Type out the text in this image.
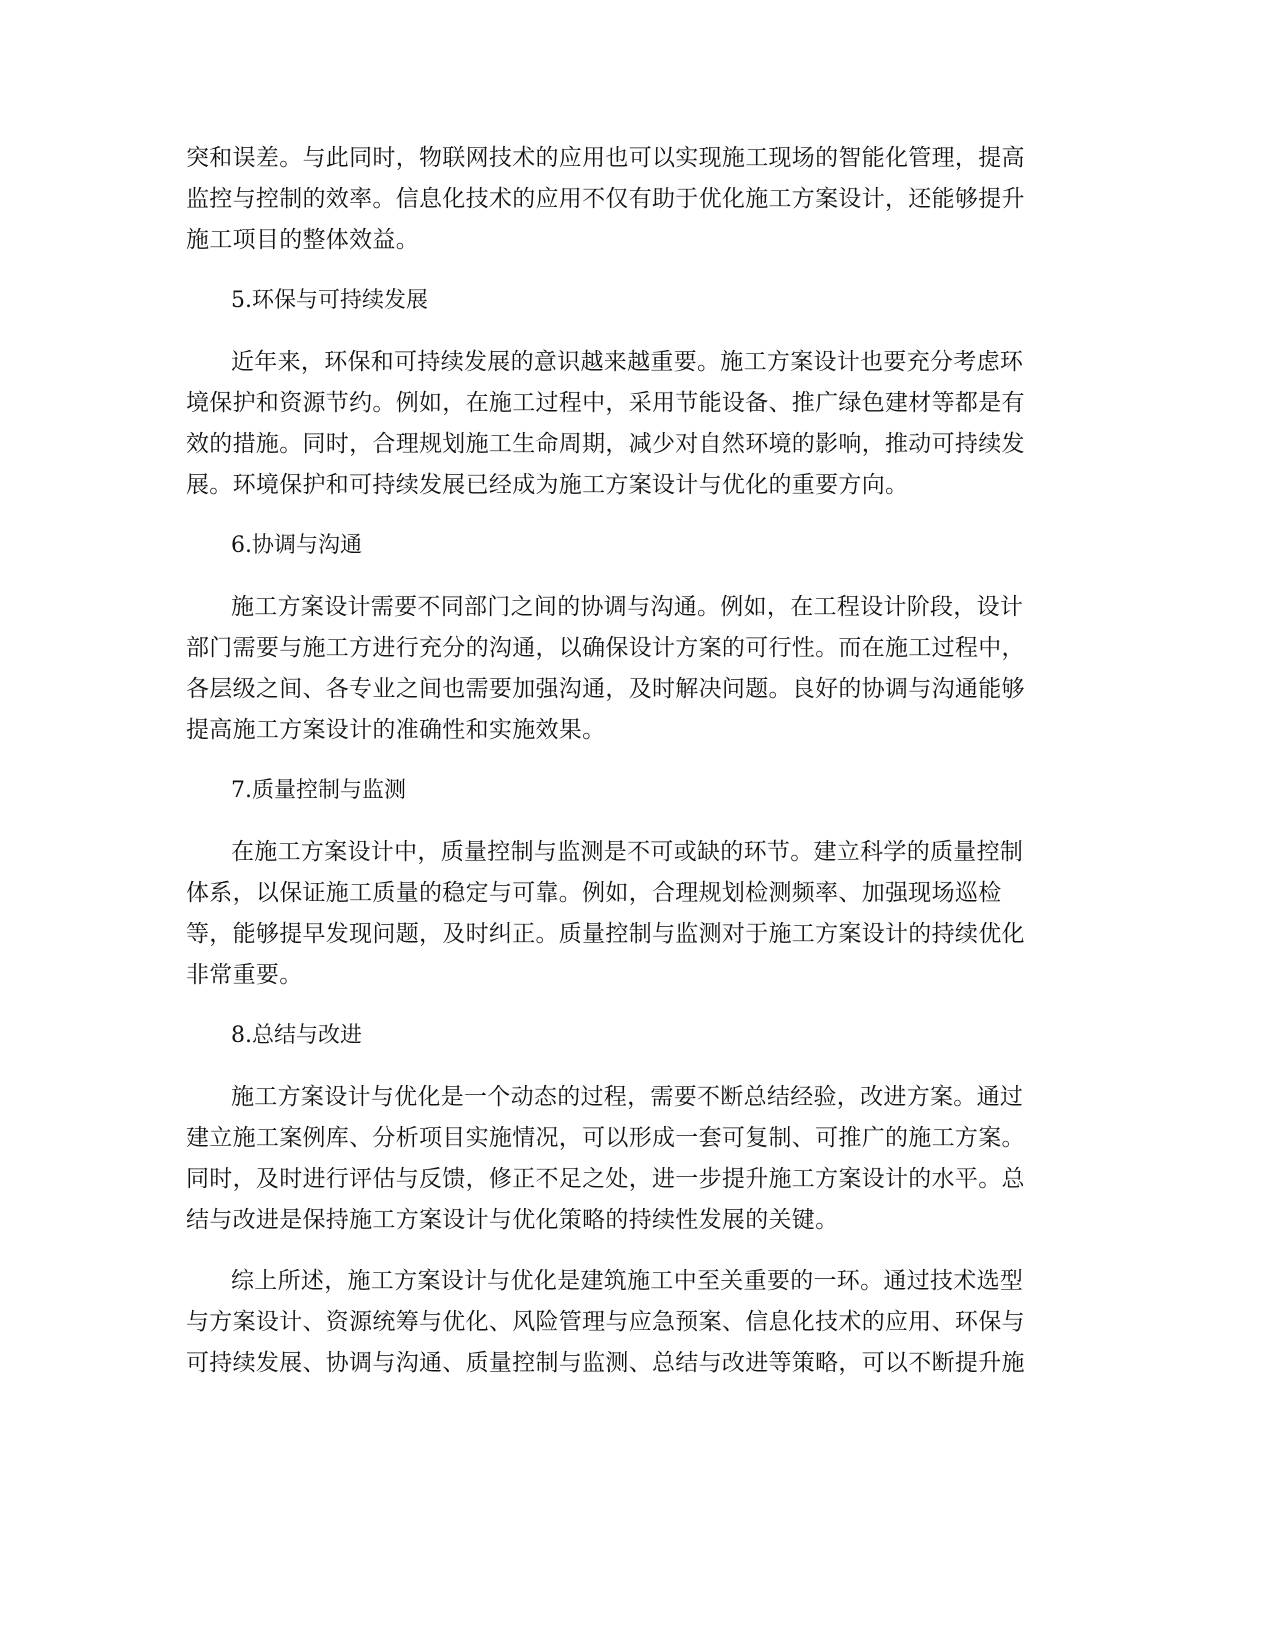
突和误差。与此同时，物联网技术的应用也可以实现施工现场的智能化管理，提高
监控与控制的效率。信息化技术的应用不仅有助于优化施工方案设计，还能够提升
施工项目的整体效益。
5.环保与可持续发展
近年来，环保和可持续发展的意识越来越重要。施工方案设计也要充分考虑环
境保护和资源节约。例如，在施工过程中，采用节能设备、推广绿色建材等都是有
效的措施。同时，合理规划施工生命周期，减少对自然环境的影响，推动可持续发
展。环境保护和可持续发展已经成为施工方案设计与优化的重要方向。
6.协调与沟通
施工方案设计需要不同部门之间的协调与沟通。例如，在工程设计阶段，设计
部门需要与施工方进行充分的沟通，以确保设计方案的可行性。而在施工过程中，
各层级之间、各专业之间也需要加强沟通，及时解决问题。良好的协调与沟通能够
提高施工方案设计的准确性和实施效果。
7.质量控制与监测
在施工方案设计中，质量控制与监测是不可或缺的环节。建立科学的质量控制
体系，以保证施工质量的稳定与可靠。例如，合理规划检测频率、加强现场巡检
等，能够提早发现问题，及时纠正。质量控制与监测对于施工方案设计的持续优化
非常重要。
8.总结与改进
施工方案设计与优化是一个动态的过程，需要不断总结经验，改进方案。通过
建立施工案例库、分析项目实施情况，可以形成一套可复制、可推广的施工方案。
同时，及时进行评估与反馈，修正不足之处，进一步提升施工方案设计的水平。总
结与改进是保持施工方案设计与优化策略的持续性发展的关键。
综上所述，施工方案设计与优化是建筑施工中至关重要的一环。通过技术选型
与方案设计、资源统筹与优化、风险管理与应急预案、信息化技术的应用、环保与
可持续发展、协调与沟通、质量控制与监测、总结与改进等策略，可以不断提升施
